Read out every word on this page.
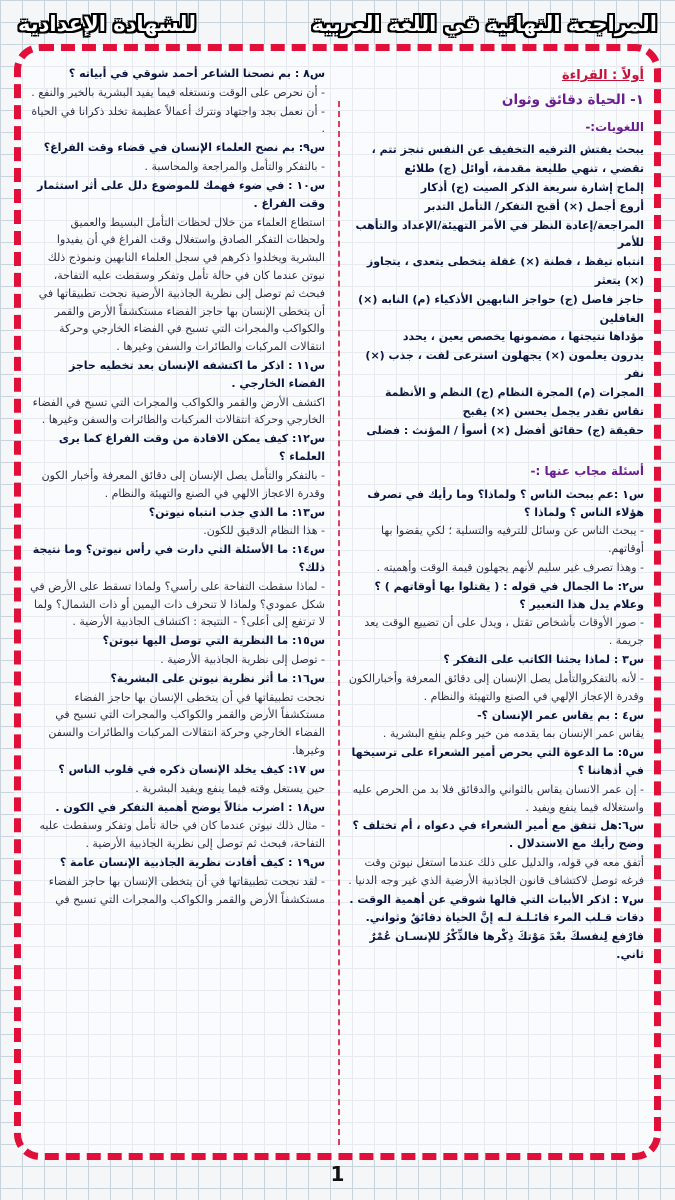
للشهادة الإعدادية	المراجعة النهائية في اللغة العربية
أولاً : القراءة
١- الحياة دقائق وثوان
اللغويات:-

يبحث يفتش الترفيه التخفيف عن النفس تنجز تتم ،

تقضي ، تنهي طليعة مقدمة، أوائل (ج) طلائع

إلماح إشارة سريعة الذكر الصيت (ج) أذكار

أروع أجمل (×) أقبح التفكر/ التأمل التدبر

المراجعة/إعادة النظر في الأمر التهيئة/الإعداد والتأهب للأمر

انتباه تيقظ ، فطنة (×) غفلة يتخطى يتعدى ، يتجاوز

(×) يتعثر

حاجز فاصل (ج) حواجز النابهين الأذكياء (م) النابه (×)

الغافلين

مؤداها نتيجتها ، مضمونها يخصص يعين ، يحدد

يدرون يعلمون (×) يجهلون استرعى لفت ، جذب (×) نفر

المجرات (م) المجرة النظام (ج) النظم و الأنظمة

تقاس تقدر يجمل يحسن (×) يقبح

حقيقة (ج) حقائق أفضل (×) أسوأ / المؤنث : فضلى

أسئلة مجاب عنها :-

س١ :عم يبحث الناس ؟ ولماذا؟ وما رأيك في تصرف هؤلاء الناس ؟ ولماذا ؟

- يبحث الناس عن وسائل للترفيه والتسلية ؛ لكي يقضوا بها أوقاتهم.

- وهذا تصرف غير سليم لأنهم يجهلون قيمة الوقت وأهميته .

س٢: ما الجمال في قوله : ( يقتلوا بها أوقاتهم ) ؟ وعلام يدل هذا التعبير ؟

- صور الأوقات بأشخاص تقتل ، ويدل على أن تضييع الوقت يعد جريمة .

س٣ : لماذا يحثنا الكاتب على التفكر ؟

- لأنه بالتفكروالتأمل يصل الإنسان إلى دقائق المعرفة وأخبارالكون وقدرة الإعجاز الإلهي في الصنع والتهيئة والنظام .

س٤ : بم يقاس عمر الإنسان ؟-

يقاس عمر الإنسان بما يقدمه من خير وعلم ينفع البشرية .

س٥: ما الدعوة التي يحرص أمير الشعراء على ترسيخها في أذهاننا ؟

- إن عمر الانسان يقاس بالثواني والدقائق فلا بد من الحرص عليه واستغلاله فيما ينفع ويفيد .

س٦:هل تتفق مع أمير الشعراء في دعواه ، أم تختلف ؟ وضح رأيك مع الاستدلال .

أتفق معه في قوله، والدليل على ذلك عندما استغل نيوتن وقت فرغه توصل لاكتشاف قانون الجاذبية الأرضية الذي غير وجه الدنيا .

س٧ : اذكر الأبيات التي قالها شوقي عن أهمية الوقت .

دقات قـلب المرء قائـلـة لـه إنَّ الحياة دقائقٌ وثواني.

فارْفع لِنفسكَ بعْدَ مَوْتكَ ذِكْرها فالذِّكْرُ للإنسـان عُمْرٌ ثاني.

س٨ : بم نصحنا الشاعر أحمد شوقي في أبياته ؟

- أن نحرص على الوقت ونستغله فيما يفيد البشرية بالخير والنفع .

- أن نعمل بجد واجتهاد ونترك أعمالاً عظيمة تخلد ذكرانا في الحياة .

س٩: بم نصح العلماء الإنسان في قضاء وقت الفراغ؟

- بالتفكر والتأمل والمراجعة والمحاسبة .

س١٠ : في ضوء فهمك للموضوع دلل على أثر استثمار وقت الفراغ .

استطاع العلماء من خلال لحظات التأمل البسيط والعميق ولحظات التفكر الصادق واستغلال وقت الفراغ في أن يفيدوا البشرية ويخلدوا ذكرهم في سجل العلماء النابهين ونموذج ذلك نيوتن عندما كان في حالة تأمل وتفكر وسقطت عليه التفاحة، فبحث ثم توصل إلى نظرية الجاذبية الأرضية نجحت تطبيقاتها في أن يتخطى الإنسان بها حاجز الفضاء مستكشفاً الأرض والقمر والكواكب والمجرات التي تسبح في الفضاء الخارجي وحركة انتقالات المركبات والطائرات والسفن وغيرها .

س١١ : اذكر ما اكتشفه الإنسان بعد تخطيه حاجز الفضاء الخارجي .

اكتشف الأرض والقمر والكواكب والمجرات التي تسبح في الفضاء الخارجي وحركة انتقالات المركبات والطائرات والسفن وغيرها .

س١٢: كيف يمكن الافادة من وقت الفراغ كما يرى العلماء ؟

- بالتفكر والتأمل يصل الإنسان إلى دقائق المعرفة وأخبار الكون وقدرة الاعجاز الالهي في الصنع والتهيئة والنظام .

س١٣: ما الذي جذب انتباه نيوتن؟

- هذا النظام الدقيق للكون.

س١٤: ما الأسئلة التي دارت في رأس نيوتن؟ وما نتيجة ذلك؟

- لماذا سقطت التفاحة على رأسي؟ ولماذا تسقط على الأرض في شكل عمودي؟ ولماذا لا تنحرف ذات اليمين أو ذات الشمال؟ ولما لا ترتفع إلى أعلى؟ - النتيجة : اكتشاف الجاذبية الأرضية .

س١٥: ما النظرية التي توصل اليها نيوتن؟

- توصل إلى نظرية الجاذبية الأرضية .

س١٦: ما أثر نظرية نيوتن على البشرية؟

نجحت تطبيقاتها في أن يتخطى الإنسان بها حاجز الفضاء مستكشفاً الأرض والقمر والكواكب والمجرات التي تسبح في الفضاء الخارجي وحركة انتقالات المركبات والطائرات والسفن وغيرها.

س ١٧: كيف يخلد الإنسان ذكره في قلوب الناس ؟

حين يستغل وقته فيما ينفع ويفيد البشرية .

س١٨ : اضرب مثالاً يوضح أهمية التفكر في الكون .

- مثال ذلك نيوتن عندما كان في حالة تأمل وتفكر وسقطت عليه التفاحة، فبحث ثم توصل إلى نظرية الجاذبية الأرضية .

س١٩ : كيف أفادت نظرية الجاذبية الإنسان عامة ؟

- لقد نجحت تطبيقاتها في أن يتخطى الإنسان بها حاجز الفضاء مستكشفاً الأرض والقمر والكواكب والمجرات التي تسبح في

1
